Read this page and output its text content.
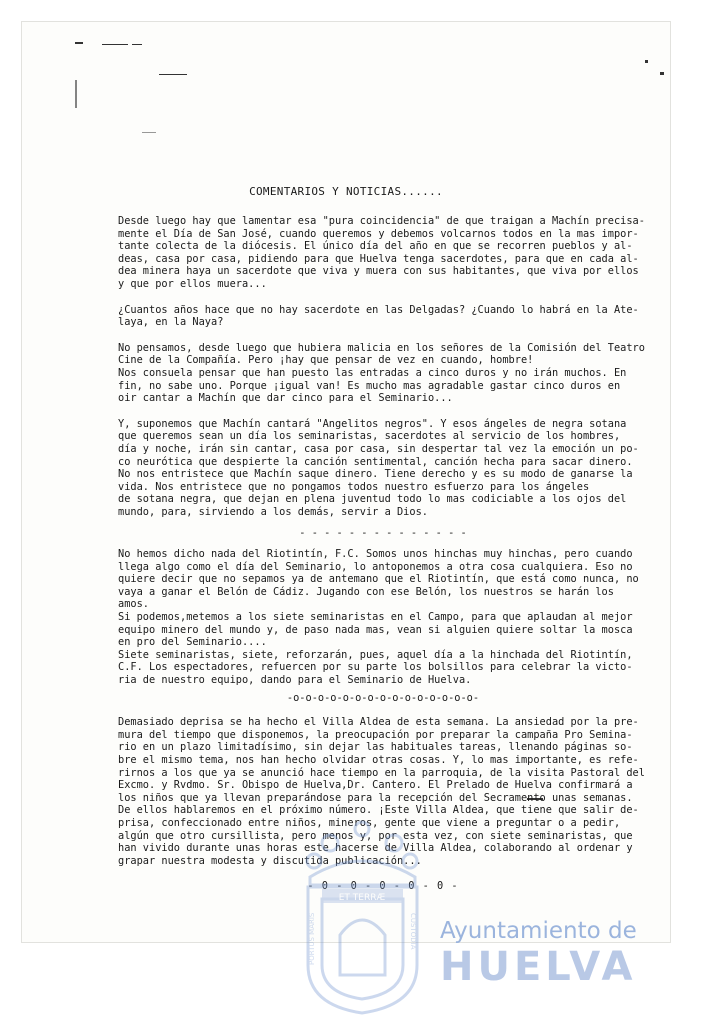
COMENTARIOS Y NOTICIAS......

Desde luego hay que lamentar esa "pura coincidencia" de que traigan a Machín precisa-
mente el Día de San José, cuando queremos y debemos volcarnos todos en la mas impor-
tante colecta de la diócesis. El único día del año en que se recorren pueblos y al-
deas, casa por casa, pidiendo para que Huelva tenga sacerdotes, para que en cada al-
dea minera haya un sacerdote que viva y muera con sus habitantes, que viva por ellos
y que por ellos muera...

¿Cuantos años hace que no hay sacerdote en las Delgadas? ¿Cuando lo habrá en la Ate-
laya, en la Naya?

No pensamos, desde luego que hubiera malicia en los señores de la Comisión del Teatro
Cine de la Compañía. Pero ¡hay que pensar de vez en cuando, hombre!
Nos consuela pensar que han puesto las entradas a cinco duros y no irán muchos. En
fin, no sabe uno. Porque ¡igual van! Es mucho mas agradable gastar cinco duros en
oir cantar a Machín que dar cinco para el Seminario...

Y, suponemos que Machín cantará "Angelitos negros". Y esos ángeles de negra sotana
que queremos sean un día los seminaristas, sacerdotes al servicio de los hombres,
día y noche, irán sin cantar, casa por casa, sin despertar tal vez la emoción un po-
co neurótica que despierte la canción sentimental, canción hecha para sacar dinero.
No nos entristece que Machín saque dinero. Tiene derecho y es su modo de ganarse la
vida. Nos entristece que no pongamos todos nuestro esfuerzo para los ángeles
de sotana negra, que dejan en plena juventud todo lo mas codiciable a los ojos del
mundo, para, sirviendo a los demás, servir a Dios.

- - - - - - - - - - - - - -

No hemos dicho nada del Riotintín, F.C. Somos unos hinchas muy hinchas, pero cuando
llega algo como el día del Seminario, lo antoponemos a otra cosa cualquiera. Eso no
quiere decir que no sepamos ya de antemano que el Riotintín, que está como nunca, no
vaya a ganar el Belón de Cádiz. Jugando con ese Belón, los nuestros se harán los amos.
Si podemos,metemos a los siete seminaristas en el Campo, para que aplaudan al mejor
equipo minero del mundo y, de paso nada mas, vean si alguien quiere soltar la mosca
en pro del Seminario....
Siete seminaristas, siete, reforzarán, pues, aquel día a la hinchada del Riotintín,
C.F. Los espectadores, refuercen por su parte los bolsillos para celebrar la victo-
ria de nuestro equipo, dando para el Seminario de Huelva.

-o-o-o-o-o-o-o-o-o-o-o-o-o-o-o-

Demasiado deprisa se ha hecho el Villa Aldea de esta semana. La ansiedad por la pre-
mura del tiempo que disponemos, la preocupación por preparar la campaña Pro Semina-
rio en un plazo limitadísimo, sin dejar las habituales tareas, llenando páginas so-
bre el mismo tema, nos han hecho olvidar otras cosas. Y, lo mas importante, es refe-
rirnos a los que ya se anunció hace tiempo en la parroquia, de la visita Pastoral del
Excmo. y Rvdmo. Sr. Obispo de Huelva,Dr. Cantero. El Prelado de Huelva confirmará a
los niños que ya llevan preparándose para la recepción del Secramento unas semanas.
De ellos hablaremos en el próximo número. ¡Este Villa Aldea, que tiene que salir de-
prisa, confeccionado entre niños, mineros, gente que viene a preguntar o a pedir,
algún que otro cursillista, pero menos y, por esta vez, con siete seminaristas, que
han vivido durante unas horas este hacerse de Villa Aldea, colaborando al ordenar y
grapar nuestra modesta y discutida publicación...

- 0 - 0 - 0 - 0 - 0 -
ET TERRÆ
PORTUS MARIS	CUSTODIA Ayuntamiento de
HUELVA
